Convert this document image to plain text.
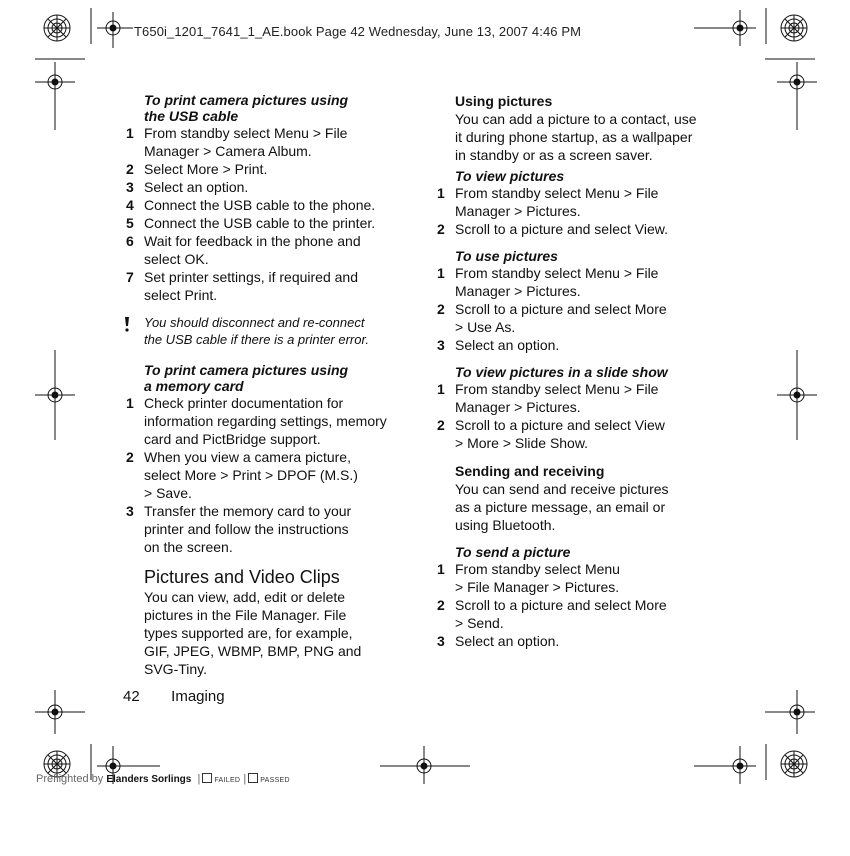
T650i_1201_7641_1_AE.book Page 42 Wednesday, June 13, 2007 4:46 PM
To print camera pictures using
the USB cable
1 From standby select Menu > File
Manager > Camera Album.
2 Select More > Print.
3 Select an option.
4 Connect the USB cable to the phone.
5 Connect the USB cable to the printer.
6 Wait for feedback in the phone and
select OK.
7 Set printer settings, if required and
select Print.
You should disconnect and re-connect
the USB cable if there is a printer error.
To print camera pictures using
a memory card
1 Check printer documentation for
information regarding settings, memory
card and PictBridge support.
2 When you view a camera picture,
select More > Print > DPOF (M.S.)
> Save.
3 Transfer the memory card to your
printer and follow the instructions
on the screen.
Pictures and Video Clips
You can view, add, edit or delete
pictures in the File Manager. File
types supported are, for example,
GIF, JPEG, WBMP, BMP, PNG and
SVG-Tiny.
Using pictures
You can add a picture to a contact, use
it during phone startup, as a wallpaper
in standby or as a screen saver.
To view pictures
1 From standby select Menu > File
Manager > Pictures.
2 Scroll to a picture and select View.
To use pictures
1 From standby select Menu > File
Manager > Pictures.
2 Scroll to a picture and select More
> Use As.
3 Select an option.
To view pictures in a slide show
1 From standby select Menu > File
Manager > Pictures.
2 Scroll to a picture and select View
> More > Slide Show.
Sending and receiving
You can send and receive pictures
as a picture message, an email or
using Bluetooth.
To send a picture
1 From standby select Menu
> File Manager > Pictures.
2 Scroll to a picture and select More
> Send.
3 Select an option.
42 Imaging
Preflighted by Elanders Sorlings  | FAILED | PASSED
